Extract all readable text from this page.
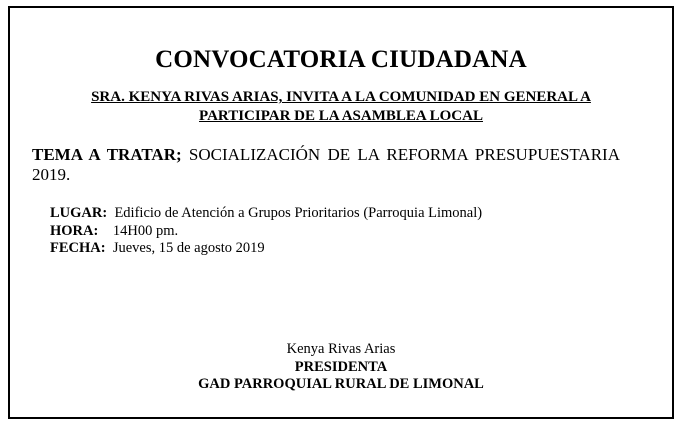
CONVOCATORIA CIUDADANA
SRA. KENYA RIVAS ARIAS, INVITA A LA COMUNIDAD EN GENERAL A PARTICIPAR DE LA ASAMBLEA LOCAL
TEMA A TRATAR; SOCIALIZACIÓN DE LA REFORMA PRESUPUESTARIA 2019.
LUGAR: Edificio de Atención a Grupos Prioritarios (Parroquia Limonal)
HORA: 14H00 pm.
FECHA: Jueves, 15 de agosto 2019
Kenya Rivas Arias
PRESIDENTA
GAD PARROQUIAL RURAL DE LIMONAL
